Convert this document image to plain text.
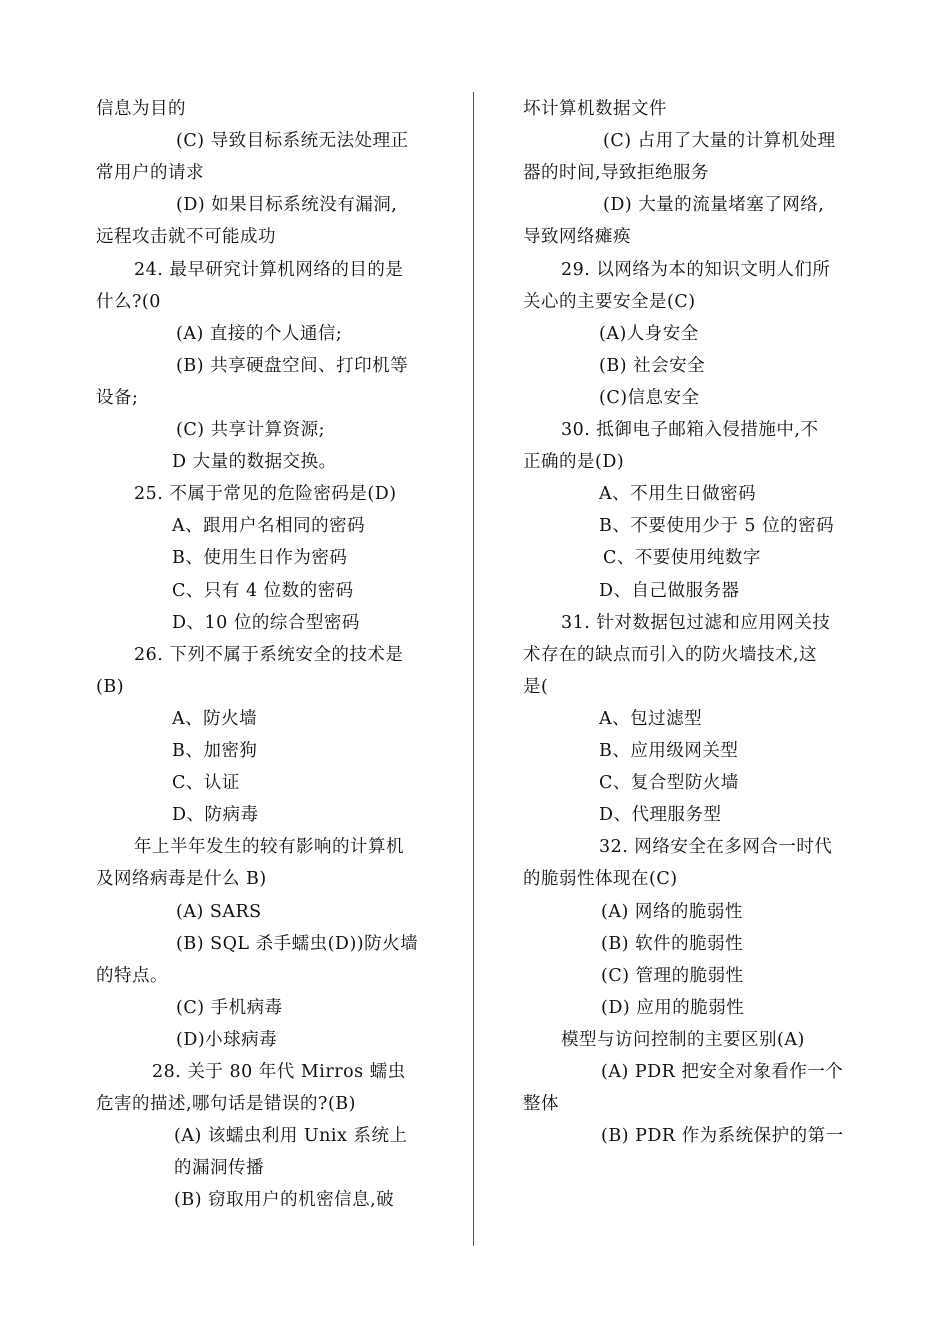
信息为目的
(C) 导致目标系统无法处理正
常用户的请求
(D) 如果目标系统没有漏洞,
远程攻击就不可能成功
24. 最早研究计算机网络的目的是
什么?(0
(A) 直接的个人通信;
(B) 共享硬盘空间、打印机等
设备;
(C) 共享计算资源;
D 大量的数据交换。
25. 不属于常见的危险密码是(D)
A、跟用户名相同的密码
B、使用生日作为密码
C、只有 4 位数的密码
D、10 位的综合型密码
26. 下列不属于系统安全的技术是
(B)
A、防火墙
B、加密狗
C、认证
D、防病毒
年上半年发生的较有影响的计算机
及网络病毒是什么 B)
(A) SARS
(B) SQL 杀手蠕虫(D))防火墙
的特点。
(C) 手机病毒
(D)小球病毒
28. 关于 80 年代 Mirros 蠕虫
危害的描述,哪句话是错误的?(B)
(A) 该蠕虫利用 Unix 系统上
的漏洞传播
(B) 窃取用户的机密信息,破
坏计算机数据文件
(C) 占用了大量的计算机处理
器的时间,导致拒绝服务
(D) 大量的流量堵塞了网络,
导致网络瘫痪
29. 以网络为本的知识文明人们所
关心的主要安全是(C)
(A)人身安全
(B) 社会安全
(C)信息安全
30. 抵御电子邮箱入侵措施中,不
正确的是(D)
A、不用生日做密码
B、不要使用少于 5 位的密码
C、不要使用纯数字
D、自己做服务器
31. 针对数据包过滤和应用网关技
术存在的缺点而引入的防火墙技术,这
是(
A、包过滤型
B、应用级网关型
C、复合型防火墙
D、代理服务型
32. 网络安全在多网合一时代
的脆弱性体现在(C)
(A) 网络的脆弱性
(B) 软件的脆弱性
(C) 管理的脆弱性
(D) 应用的脆弱性
模型与访问控制的主要区别(A)
(A) PDR 把安全对象看作一个
整体
(B) PDR 作为系统保护的第一
